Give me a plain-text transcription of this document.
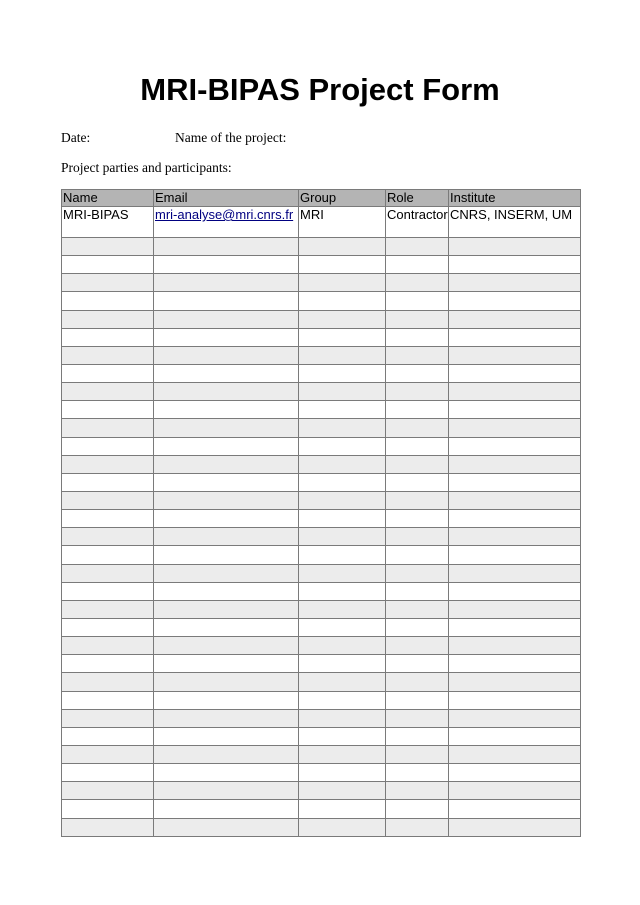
MRI-BIPAS Project Form
Date:	Name of the project:

Project parties and participants:

Name	Email	Group	Role	Institute
MRI-BIPAS	mri-analyse@mri.cnrs.fr	MRI	Contractor	CNRS, INSERM, UM
